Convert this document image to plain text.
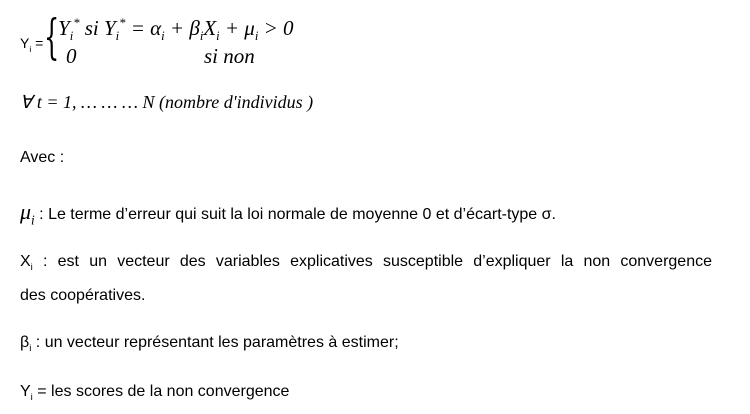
$Y_i$ = {
$Y_i^*$ si $Y_i^* = \alpha_i + \beta_iX_i + \mu_i > 0$
0	si non
∀ t = 1, … … … N (nombre d'individus )
Avec :
$\mu_i$ : Le terme d’erreur qui suit la loi normale de moyenne 0 et d’écart-type σ.
$X_i$ : est un vecteur des variables explicatives susceptible d’expliquer la non convergence
des coopératives.
$\beta_i$ : un vecteur représentant les paramètres à estimer;
$Y_i$ = les scores de la non convergence
